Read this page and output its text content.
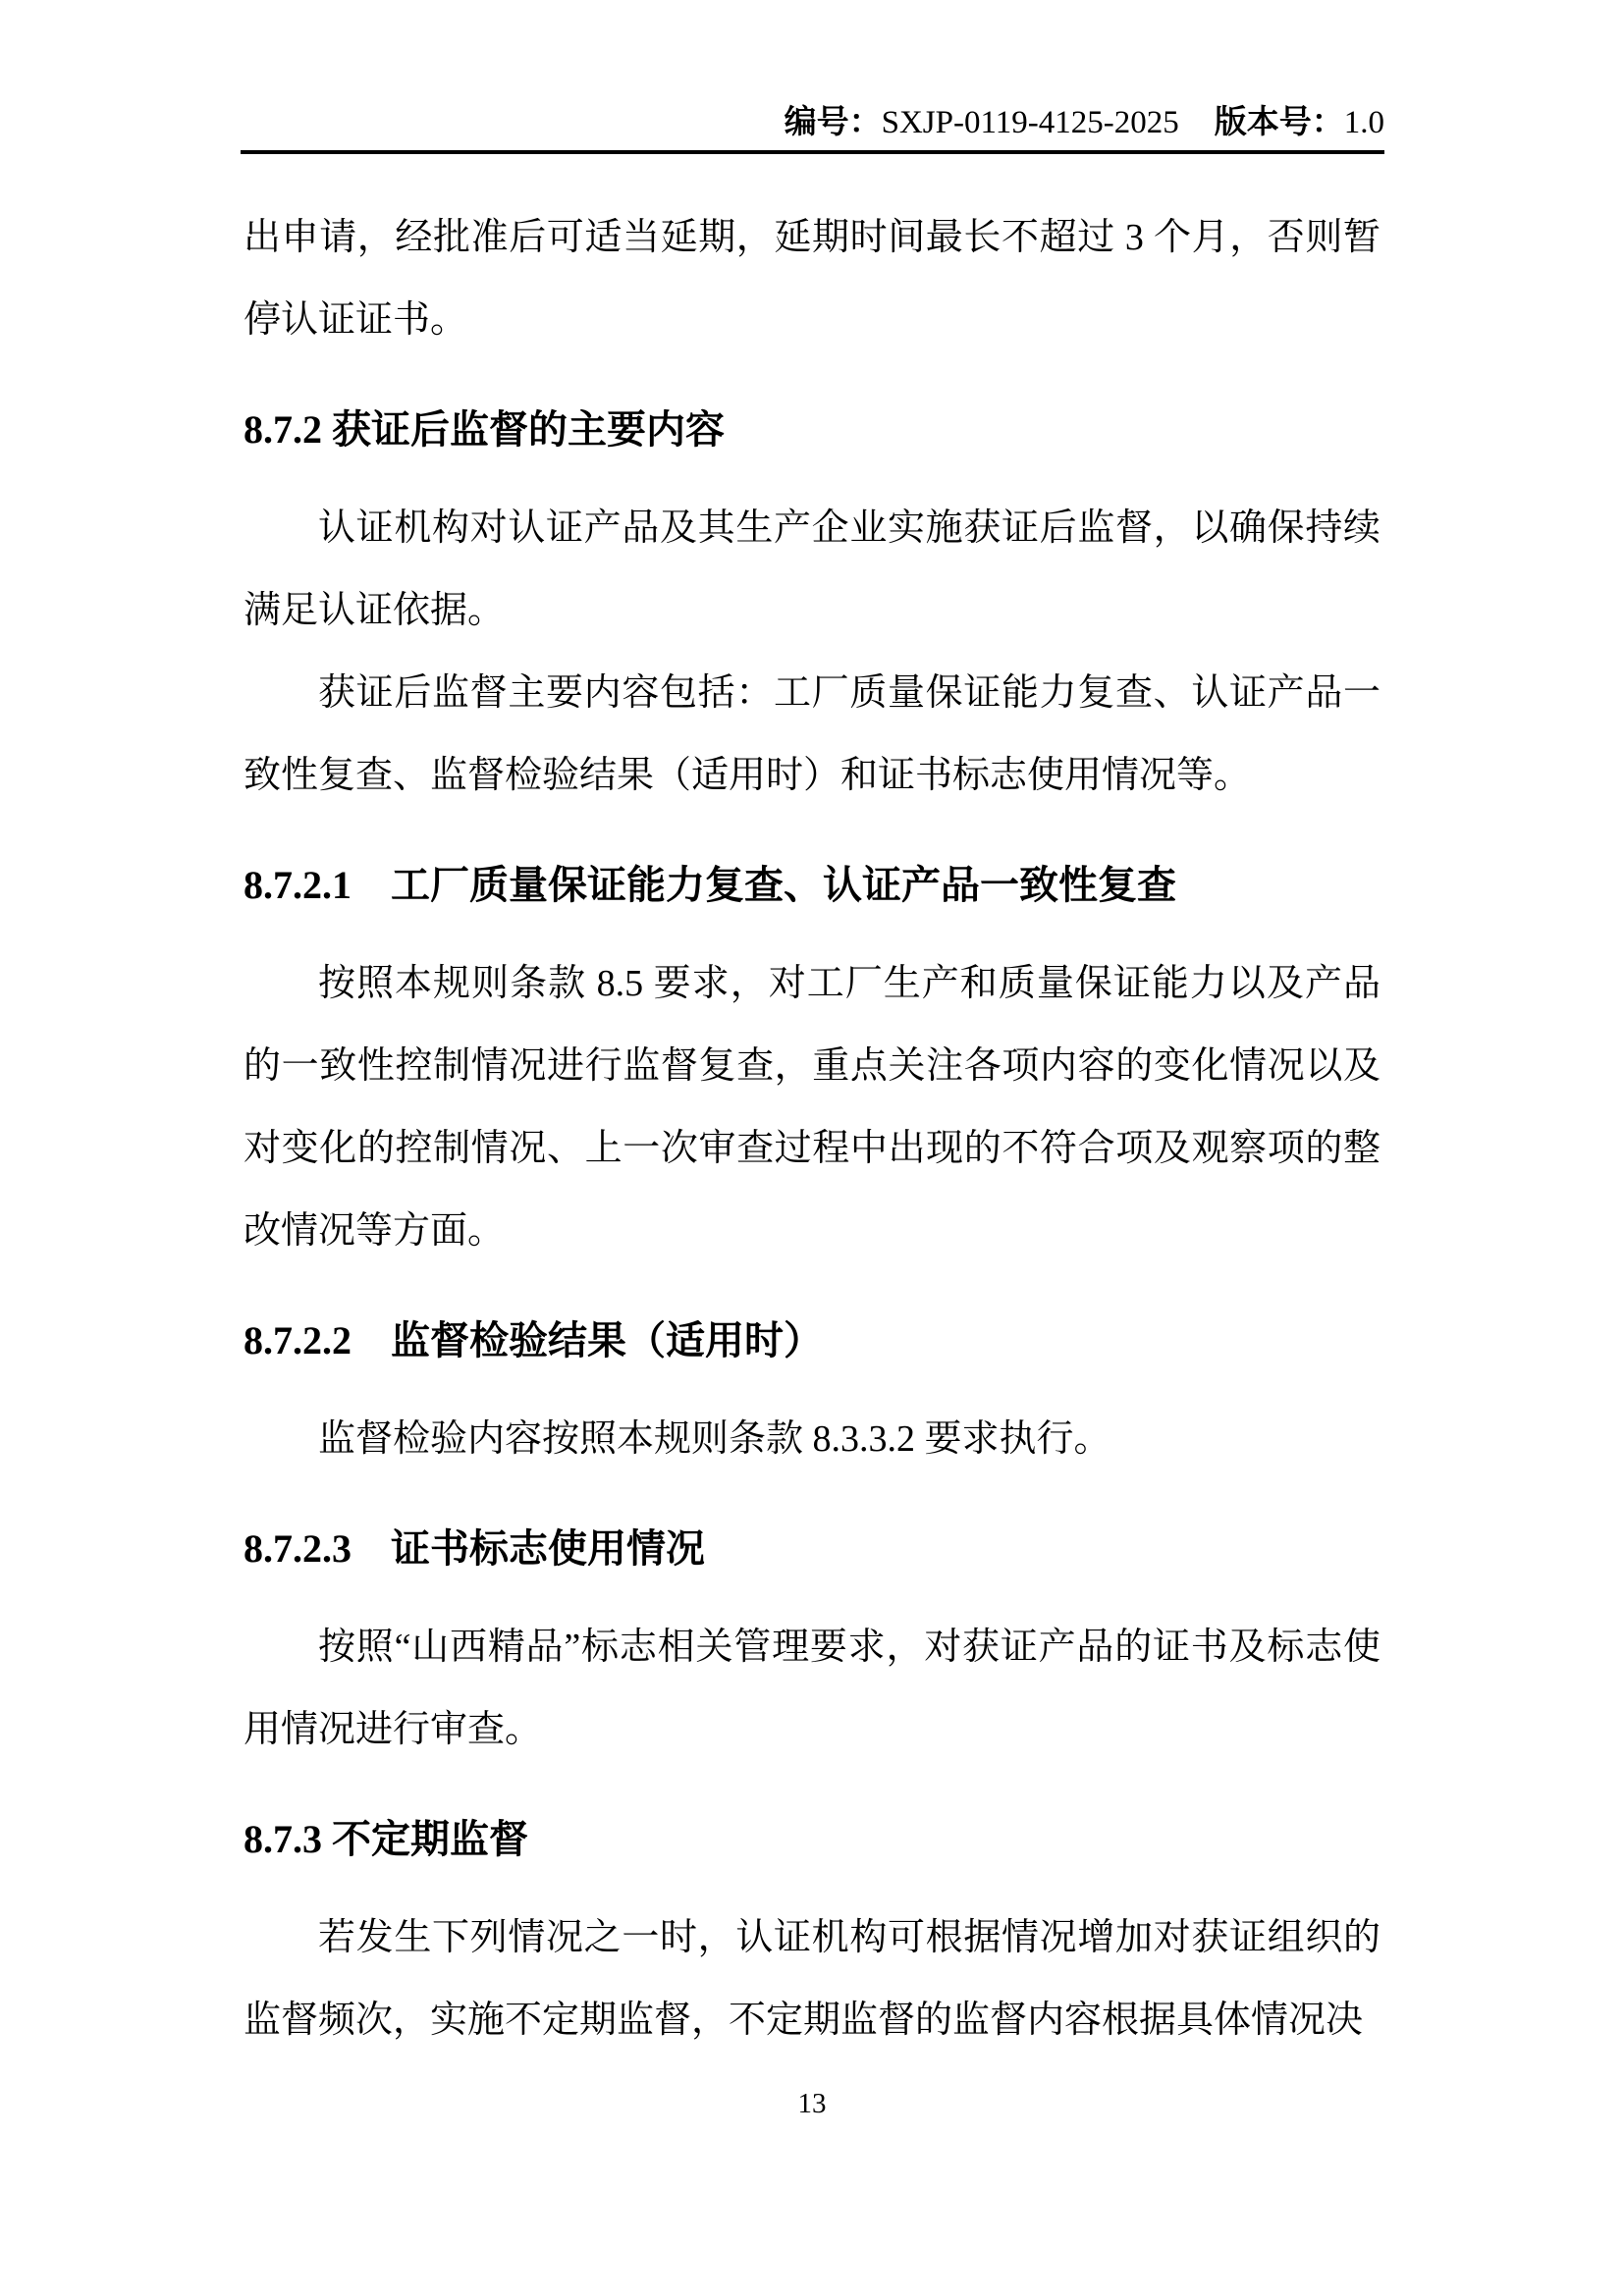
编号：SXJP-0119-4125-2025 版本号：1.0

出申请，经批准后可适当延期，延期时间最长不超过 3 个月，否则暂停认证证书。

8.7.2 获证后监督的主要内容

认证机构对认证产品及其生产企业实施获证后监督，以确保持续满足认证依据。

获证后监督主要内容包括：工厂质量保证能力复查、认证产品一致性复查、监督检验结果（适用时）和证书标志使用情况等。

8.7.2.1　工厂质量保证能力复查、认证产品一致性复查

按照本规则条款 8.5 要求，对工厂生产和质量保证能力以及产品的一致性控制情况进行监督复查，重点关注各项内容的变化情况以及对变化的控制情况、上一次审查过程中出现的不符合项及观察项的整改情况等方面。

8.7.2.2　监督检验结果（适用时）

监督检验内容按照本规则条款 8.3.3.2 要求执行。

8.7.2.3　证书标志使用情况

按照“山西精品”标志相关管理要求，对获证产品的证书及标志使用情况进行审查。

8.7.3 不定期监督

若发生下列情况之一时，认证机构可根据情况增加对获证组织的监督频次，实施不定期监督，不定期监督的监督内容根据具体情况决

13
